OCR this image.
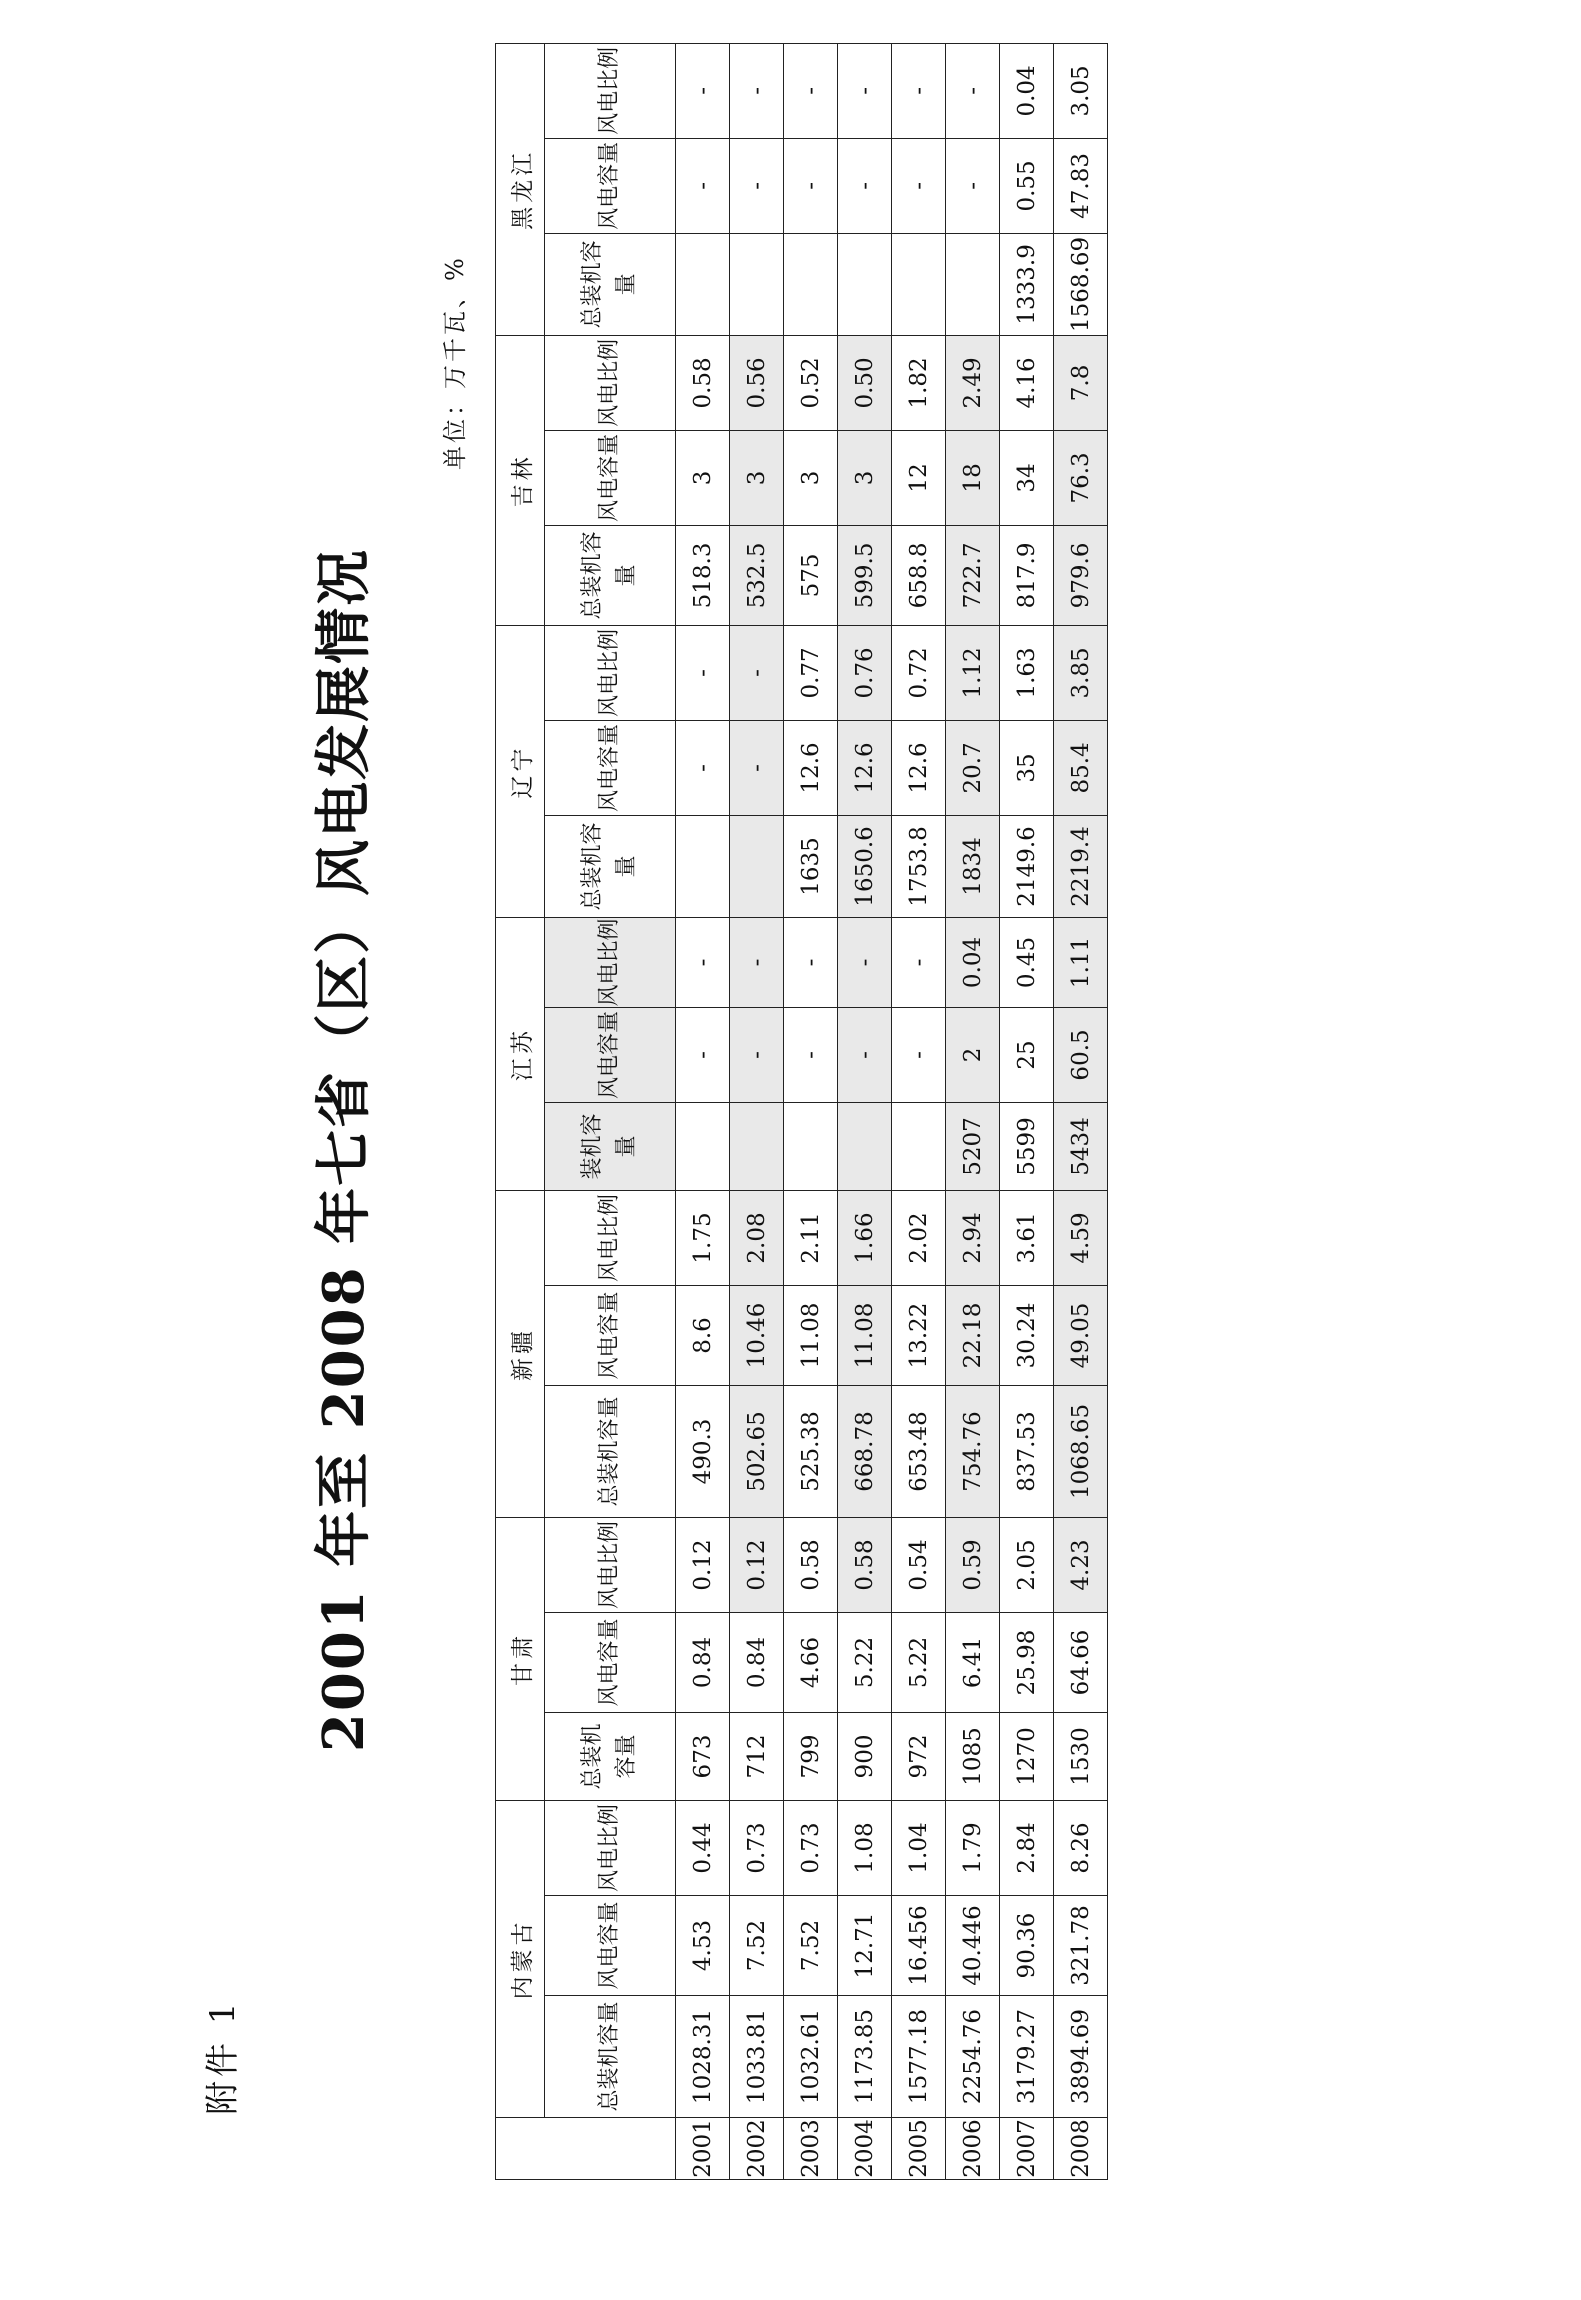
附件 1
2001 年至 2008 年七省（区）风电发展情况
单位：万千瓦、%
	内蒙古			甘肃			新疆			江苏			辽宁			吉林			黑龙江		
	总装机容量	风电容量	风电比例	总装机容量	风电容量	风电比例	总装机容量	风电容量	风电比例	装机容量	风电容量	风电比例	总装机容量	风电容量	风电比例	总装机容量	风电容量	风电比例	总装机容量	风电容量	风电比例
2001	1028.31	4.53	0.44	673	0.84	0.12	490.3	8.6	1.75		-	-		-	-	518.3	3	0.58		-	-
2002	1033.81	7.52	0.73	712	0.84	0.12	502.65	10.46	2.08		-	-		-	-	532.5	3	0.56		-	-
2003	1032.61	7.52	0.73	799	4.66	0.58	525.38	11.08	2.11		-	-	1635	12.6	0.77	575	3	0.52		-	-
2004	1173.85	12.71	1.08	900	5.22	0.58	668.78	11.08	1.66		-	-	1650.6	12.6	0.76	599.5	3	0.50		-	-
2005	1577.18	16.456	1.04	972	5.22	0.54	653.48	13.22	2.02		-	-	1753.8	12.6	0.72	658.8	12	1.82		-	-
2006	2254.76	40.446	1.79	1085	6.41	0.59	754.76	22.18	2.94	5207	2	0.04	1834	20.7	1.12	722.7	18	2.49		-	-
2007	3179.27	90.36	2.84	1270	25.98	2.05	837.53	30.24	3.61	5599	25	0.45	2149.6	35	1.63	817.9	34	4.16	1333.9	0.55	0.04
2008	3894.69	321.78	8.26	1530	64.66	4.23	1068.65	49.05	4.59	5434	60.5	1.11	2219.4	85.4	3.85	979.6	76.3	7.8	1568.69	47.83	3.05
